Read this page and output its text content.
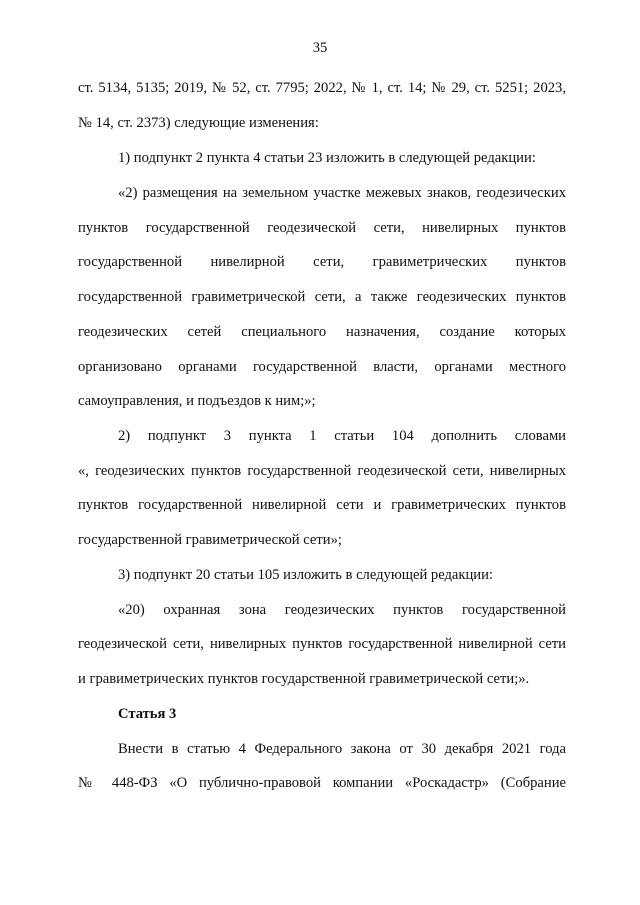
35
ст. 5134, 5135; 2019, № 52, ст. 7795; 2022, № 1, ст. 14; № 29, ст. 5251; 2023,
№ 14, ст. 2373) следующие изменения:
1) подпункт 2 пункта 4 статьи 23 изложить в следующей редакции:
«2) размещения на земельном участке межевых знаков, геодезических
пунктов государственной геодезической сети, нивелирных пунктов
государственной нивелирной сети, гравиметрических пунктов
государственной гравиметрической сети, а также геодезических пунктов
геодезических сетей специального назначения, создание которых
организовано органами государственной власти, органами местного
самоуправления, и подъездов к ним;»;
2) подпункт 3 пункта 1 статьи 104 дополнить словами
«, геодезических пунктов государственной геодезической сети, нивелирных
пунктов государственной нивелирной сети и гравиметрических пунктов
государственной гравиметрической сети»;
3) подпункт 20 статьи 105 изложить в следующей редакции:
«20) охранная зона геодезических пунктов государственной
геодезической сети, нивелирных пунктов государственной нивелирной сети
и гравиметрических пунктов государственной гравиметрической сети;».
Статья 3
Внести в статью 4 Федерального закона от 30 декабря 2021 года
№ 448-ФЗ «О публично-правовой компании «Роскадастр» (Собрание
